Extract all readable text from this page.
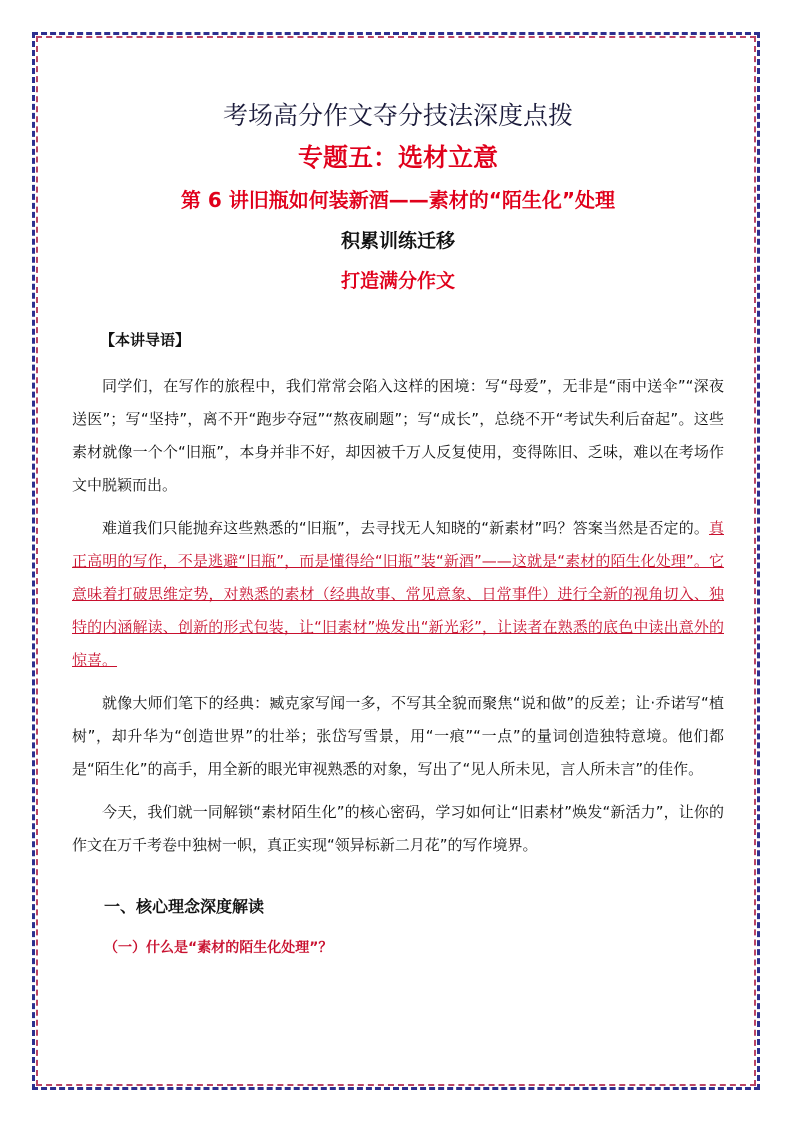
考场高分作文夺分技法深度点拨
专题五：选材立意
第 6 讲旧瓶如何装新酒——素材的“陌生化”处理
积累训练迁移
打造满分作文
【本讲导语】

同学们，在写作的旅程中，我们常常会陷入这样的困境：写“母爱”，无非是“雨中送伞”“深夜送医”；写“坚持”，离不开“跑步夺冠”“熬夜刷题”；写“成长”，总绕不开“考试失利后奋起”。这些素材就像一个个“旧瓶”，本身并非不好，却因被千万人反复使用，变得陈旧、乏味，难以在考场作文中脱颖而出。

难道我们只能抛弃这些熟悉的“旧瓶”，去寻找无人知晓的“新素材”吗？答案当然是否定的。真正高明的写作，不是逃避“旧瓶”，而是懂得给“旧瓶”装“新酒”——这就是“素材的陌生化处理”。它意味着打破思维定势，对熟悉的素材（经典故事、常见意象、日常事件）进行全新的视角切入、独特的内涵解读、创新的形式包装，让“旧素材”焕发出“新光彩”，让读者在熟悉的底色中读出意外的惊喜。

就像大师们笔下的经典：臧克家写闻一多，不写其全貌而聚焦“说和做”的反差；让·乔诺写“植树”，却升华为“创造世界”的壮举；张岱写雪景，用“一痕”“一点”的量词创造独特意境。他们都是“陌生化”的高手，用全新的眼光审视熟悉的对象，写出了“见人所未见，言人所未言”的佳作。

今天，我们就一同解锁“素材陌生化”的核心密码，学习如何让“旧素材”焕发“新活力”，让你的作文在万千考卷中独树一帜，真正实现“领异标新二月花”的写作境界。

一、核心理念深度解读
（一）什么是“素材的陌生化处理”？
